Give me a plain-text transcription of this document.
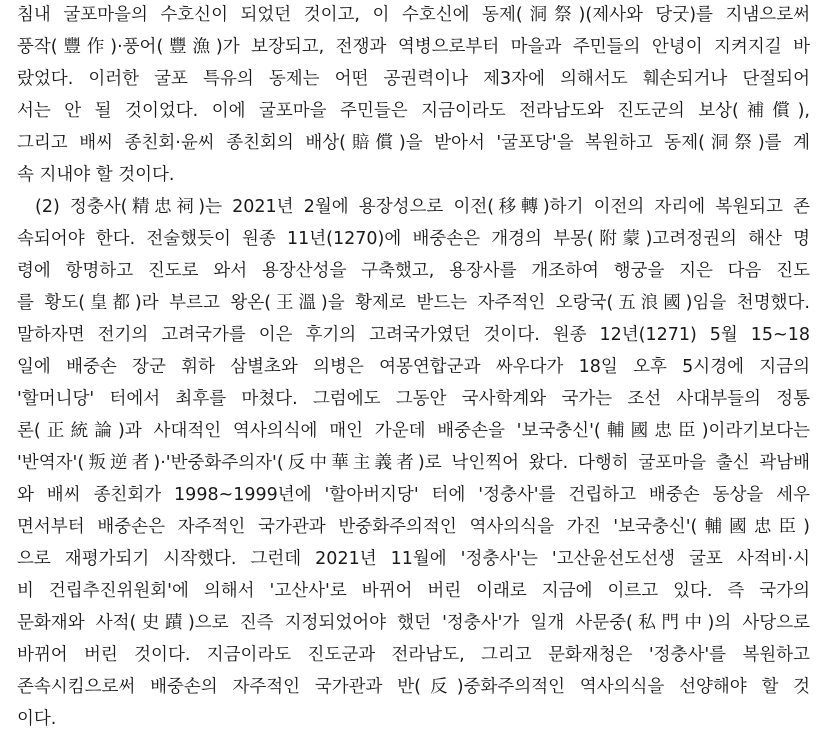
침내 굴포마을의 수호신이 되었던 것이고, 이 수호신에 동제(洞祭)(제사와 당굿)를 지냄으로써
풍작(豐作)·풍어(豐漁)가 보장되고, 전쟁과 역병으로부터 마을과 주민들의 안녕이 지켜지길 바
랐었다. 이러한 굴포 특유의 동제는 어떤 공권력이나 제3자에 의해서도 훼손되거나 단절되어
서는 안 될 것이었다. 이에 굴포마을 주민들은 지금이라도 전라남도와 진도군의 보상(補償),
그리고 배씨 종친회·윤씨 종친회의 배상(賠償)을 받아서 '굴포당'을 복원하고 동제(洞祭)를 계
속 지내야 할 것이다.
(2) 정충사(精忠祠)는 2021년 2월에 용장성으로 이전(移轉)하기 이전의 자리에 복원되고 존
속되어야 한다. 전술했듯이 원종 11년(1270)에 배중손은 개경의 부몽(附蒙)고려정권의 해산 명
령에 항명하고 진도로 와서 용장산성을 구축했고, 용장사를 개조하여 행궁을 지은 다음 진도
를 황도(皇都)라 부르고 왕온(王溫)을 황제로 받드는 자주적인 오랑국(五浪國)임을 천명했다.
말하자면 전기의 고려국가를 이은 후기의 고려국가였던 것이다. 원종 12년(1271) 5월 15~18
일에 배중손 장군 휘하 삼별초와 의병은 여몽연합군과 싸우다가 18일 오후 5시경에 지금의
'할머니당' 터에서 최후를 마쳤다. 그럼에도 그동안 국사학계와 국가는 조선 사대부들의 정통
론(正統論)과 사대적인 역사의식에 매인 가운데 배중손을 '보국충신'(輔國忠臣)이라기보다는
'반역자'(叛逆者)·'반중화주의자'(反中華主義者)로 낙인찍어 왔다. 다행히 굴포마을 출신 곽남배
와 배씨 종친회가 1998~1999년에 '할아버지당' 터에 '정충사'를 건립하고 배중손 동상을 세우
면서부터 배중손은 자주적인 국가관과 반중화주의적인 역사의식을 가진 '보국충신'(輔國忠臣)
으로 재평가되기 시작했다. 그런데 2021년 11월에 '정충사'는 '고산윤선도선생 굴포 사적비·시
비 건립추진위원회'에 의해서 '고산사'로 바뀌어 버린 이래로 지금에 이르고 있다. 즉 국가의
문화재와 사적(史蹟)으로 진즉 지정되었어야 했던 '정충사'가 일개 사문중(私門中)의 사당으로
바뀌어 버린 것이다. 지금이라도 진도군과 전라남도, 그리고 문화재청은 '정충사'를 복원하고
존속시킴으로써 배중손의 자주적인 국가관과 반(反)중화주의적인 역사의식을 선양해야 할 것
이다.
